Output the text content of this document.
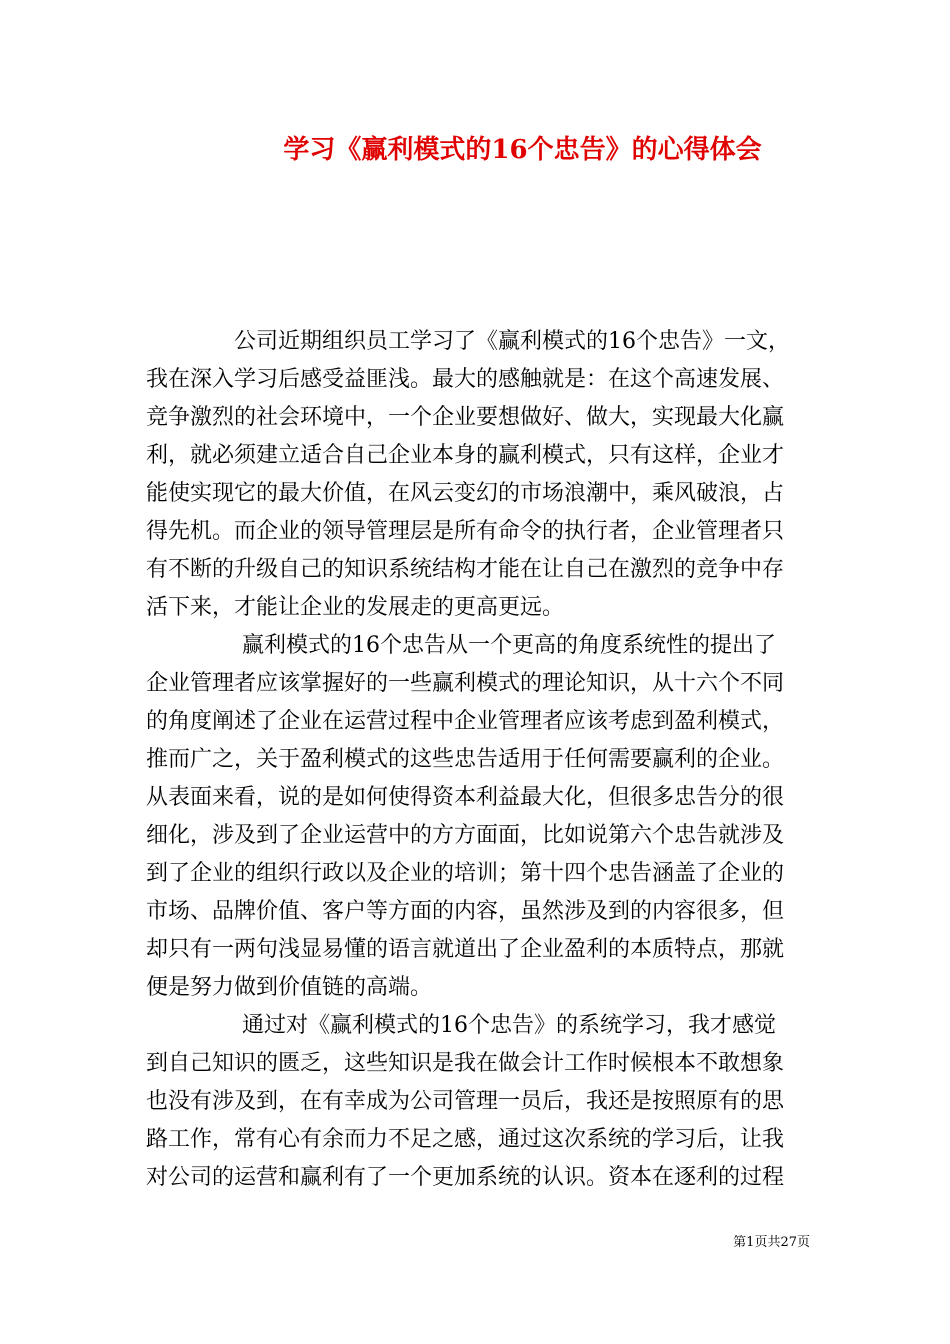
学习《赢利模式的16个忠告》的心得体会
公司近期组织员工学习了《赢利模式的16个忠告》一文，
我在深入学习后感受益匪浅。最大的感触就是：在这个高速发展、
竞争激烈的社会环境中，一个企业要想做好、做大，实现最大化赢
利，就必须建立适合自己企业本身的赢利模式，只有这样，企业才
能使实现它的最大价值，在风云变幻的市场浪潮中，乘风破浪，占
得先机。而企业的领导管理层是所有命令的执行者，企业管理者只
有不断的升级自己的知识系统结构才能在让自己在激烈的竞争中存
活下来，才能让企业的发展走的更高更远。
赢利模式的16个忠告从一个更高的角度系统性的提出了
企业管理者应该掌握好的一些赢利模式的理论知识，从十六个不同
的角度阐述了企业在运营过程中企业管理者应该考虑到盈利模式，
推而广之，关于盈利模式的这些忠告适用于任何需要赢利的企业。
从表面来看，说的是如何使得资本利益最大化，但很多忠告分的很
细化，涉及到了企业运营中的方方面面，比如说第六个忠告就涉及
到了企业的组织行政以及企业的培训；第十四个忠告涵盖了企业的
市场、品牌价值、客户等方面的内容，虽然涉及到的内容很多，但
却只有一两句浅显易懂的语言就道出了企业盈利的本质特点，那就
便是努力做到价值链的高端。
通过对《赢利模式的16个忠告》的系统学习，我才感觉
到自己知识的匮乏，这些知识是我在做会计工作时候根本不敢想象
也没有涉及到，在有幸成为公司管理一员后，我还是按照原有的思
路工作，常有心有余而力不足之感，通过这次系统的学习后，让我
对公司的运营和赢利有了一个更加系统的认识。资本在逐利的过程
第1页共27页
